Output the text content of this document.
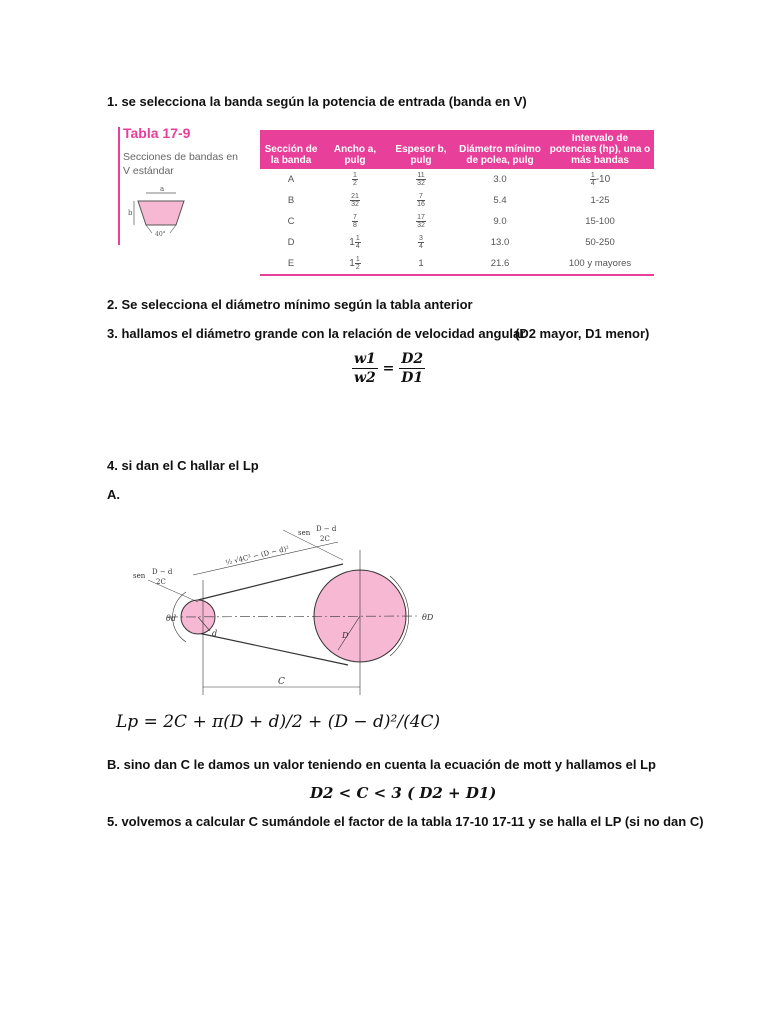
1. se selecciona la banda según la potencia de entrada (banda en V)
Tabla 17-9
Secciones de bandas en V estándar
a
b
40°
Sección de la banda	Ancho a, pulg	Espesor b, pulg	Diámetro mínimo de polea, pulg	Intervalo de potencias (hp), una o más bandas
A	$\frac{1}{2}$	$\frac{11}{32}$	3.0	$\frac{1}{4} -10$
B	$\frac{21}{32}$	$\frac{7}{16}$	5.4	1-25
C	$\frac{7}{8}$	$\frac{17}{32}$	9.0	15-100
D	$1 \frac{1}{4}$	$\frac{3}{4}$	13.0	50-250
E	$1 \frac{1}{2}$	1	21.6	100 y mayores
2. Se selecciona el diámetro mínimo según la tabla anterior
3. hallamos el diámetro grande con la relación de velocidad angular
(D2 mayor, D1 menor)
$\frac{w1}{w2} = \frac{D2}{D1}$
4. si dan el C hallar el Lp
A.
sen D − d
2C
sen D − d
2C
½ √4C² − (D − d)²
θd	θD
d	D
C
Lp = 2C + π(D + d)/2 + (D − d)²/(4C)
B. sino dan C le damos un valor teniendo en cuenta la ecuación de mott y hallamos el Lp
D2 < C < 3 ( D2 + D1)
5. volvemos a calcular C sumándole el factor de la tabla 17-10 17-11 y se halla el LP (si no dan C)
